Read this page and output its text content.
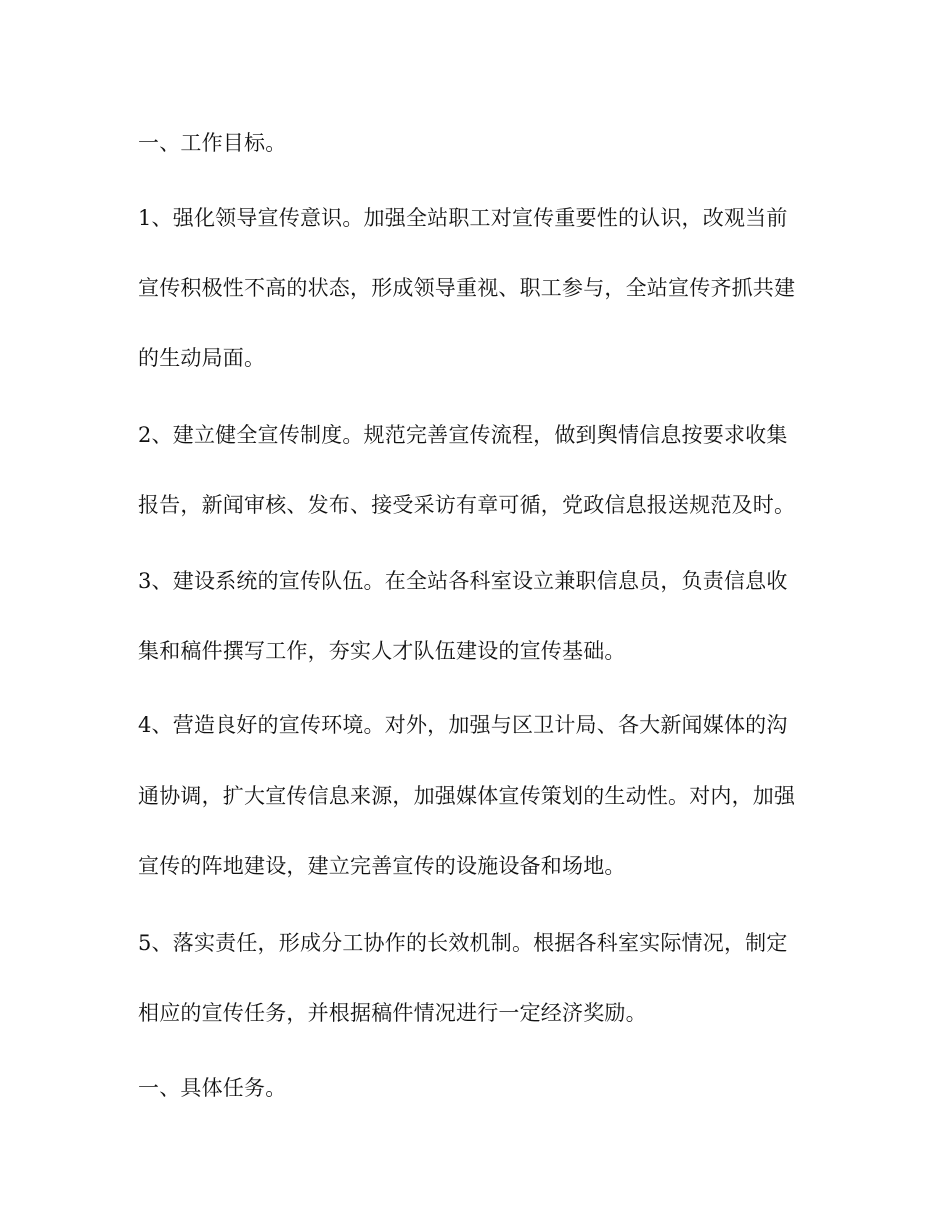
一、工作目标。
1、强化领导宣传意识。加强全站职工对宣传重要性的认识，改观当前
宣传积极性不高的状态，形成领导重视、职工参与，全站宣传齐抓共建
的生动局面。
2、建立健全宣传制度。规范完善宣传流程，做到舆情信息按要求收集
报告，新闻审核、发布、接受采访有章可循，党政信息报送规范及时。
3、建设系统的宣传队伍。在全站各科室设立兼职信息员，负责信息收
集和稿件撰写工作，夯实人才队伍建设的宣传基础。
4、营造良好的宣传环境。对外，加强与区卫计局、各大新闻媒体的沟
通协调，扩大宣传信息来源，加强媒体宣传策划的生动性。对内，加强
宣传的阵地建设，建立完善宣传的设施设备和场地。
5、落实责任，形成分工协作的长效机制。根据各科室实际情况，制定
相应的宣传任务，并根据稿件情况进行一定经济奖励。
一、具体任务。
